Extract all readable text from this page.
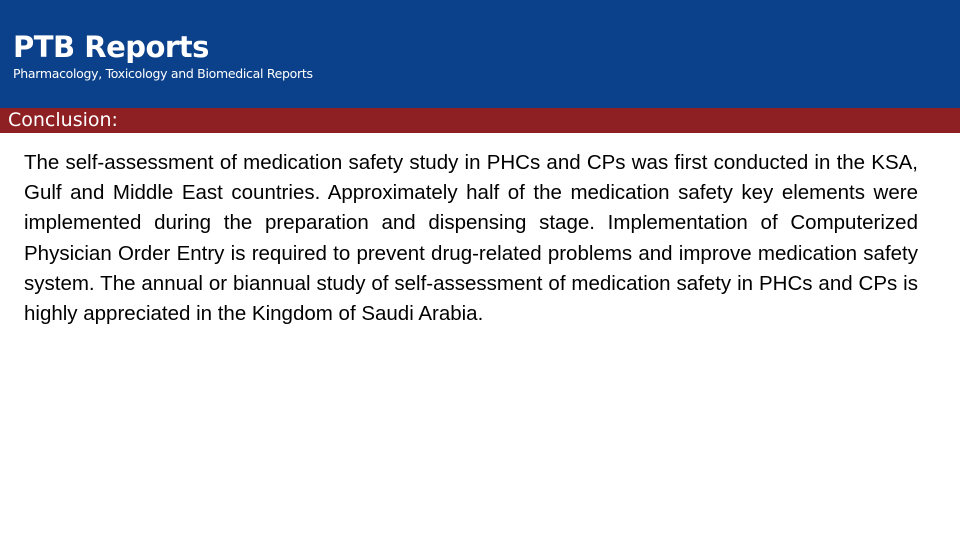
PTB Reports
Pharmacology, Toxicology and Biomedical Reports
Conclusion:

The self-assessment of medication safety study in PHCs and CPs was first conducted in the KSA, Gulf and Middle East countries. Approximately half of the medication safety key elements were implemented during the preparation and dispensing stage. Implementation of Computerized Physician Order Entry is required to prevent drug-related problems and improve medication safety system. The annual or biannual study of self-assessment of medication safety in PHCs and CPs is highly appreciated in the Kingdom of Saudi Arabia.
